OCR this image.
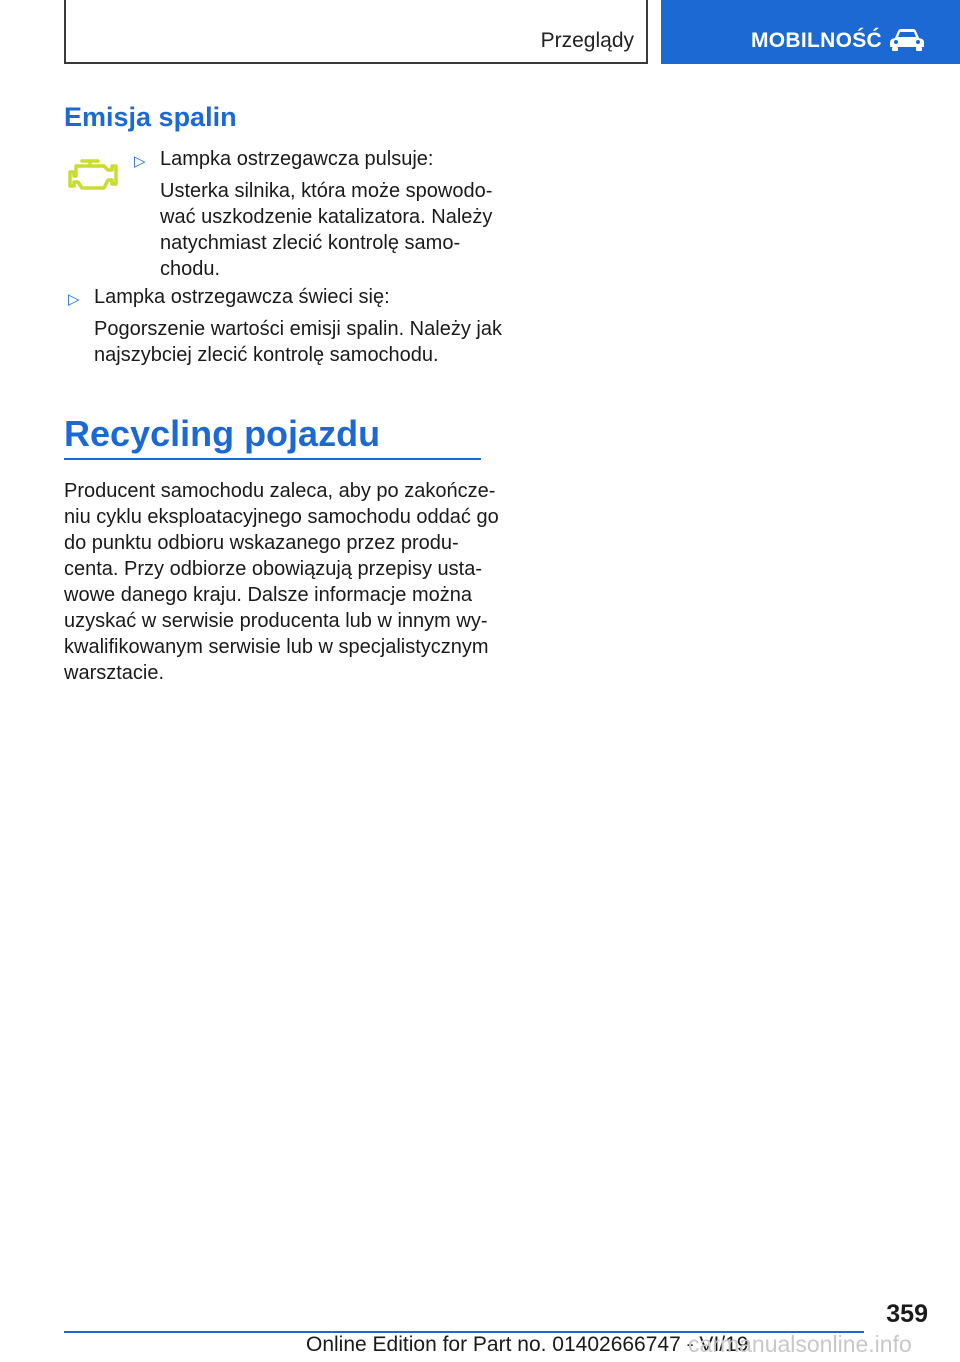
Przeglądy	MOBILNOŚĆ
Emisja spalin
▷ Lampka ostrzegawcza pulsuje:
Usterka silnika, która może spowodo-
wać uszkodzenie katalizatora. Należy
natychmiast zlecić kontrolę samo-
chodu.
▷ Lampka ostrzegawcza świeci się:
Pogorszenie wartości emisji spalin. Należy jak
najszybciej zlecić kontrolę samochodu.
Recycling pojazdu
Producent samochodu zaleca, aby po zakończe-
niu cyklu eksploatacyjnego samochodu oddać go
do punktu odbioru wskazanego przez produ-
centa. Przy odbiorze obowiązują przepisy usta-
wowe danego kraju. Dalsze informacje można
uzyskać w serwisie producenta lub w innym wy-
kwalifikowanym serwisie lub w specjalistycznym
warsztacie.
359
Online Edition for Part no. 01402666747 - VI/19
carmanualsonline.info
